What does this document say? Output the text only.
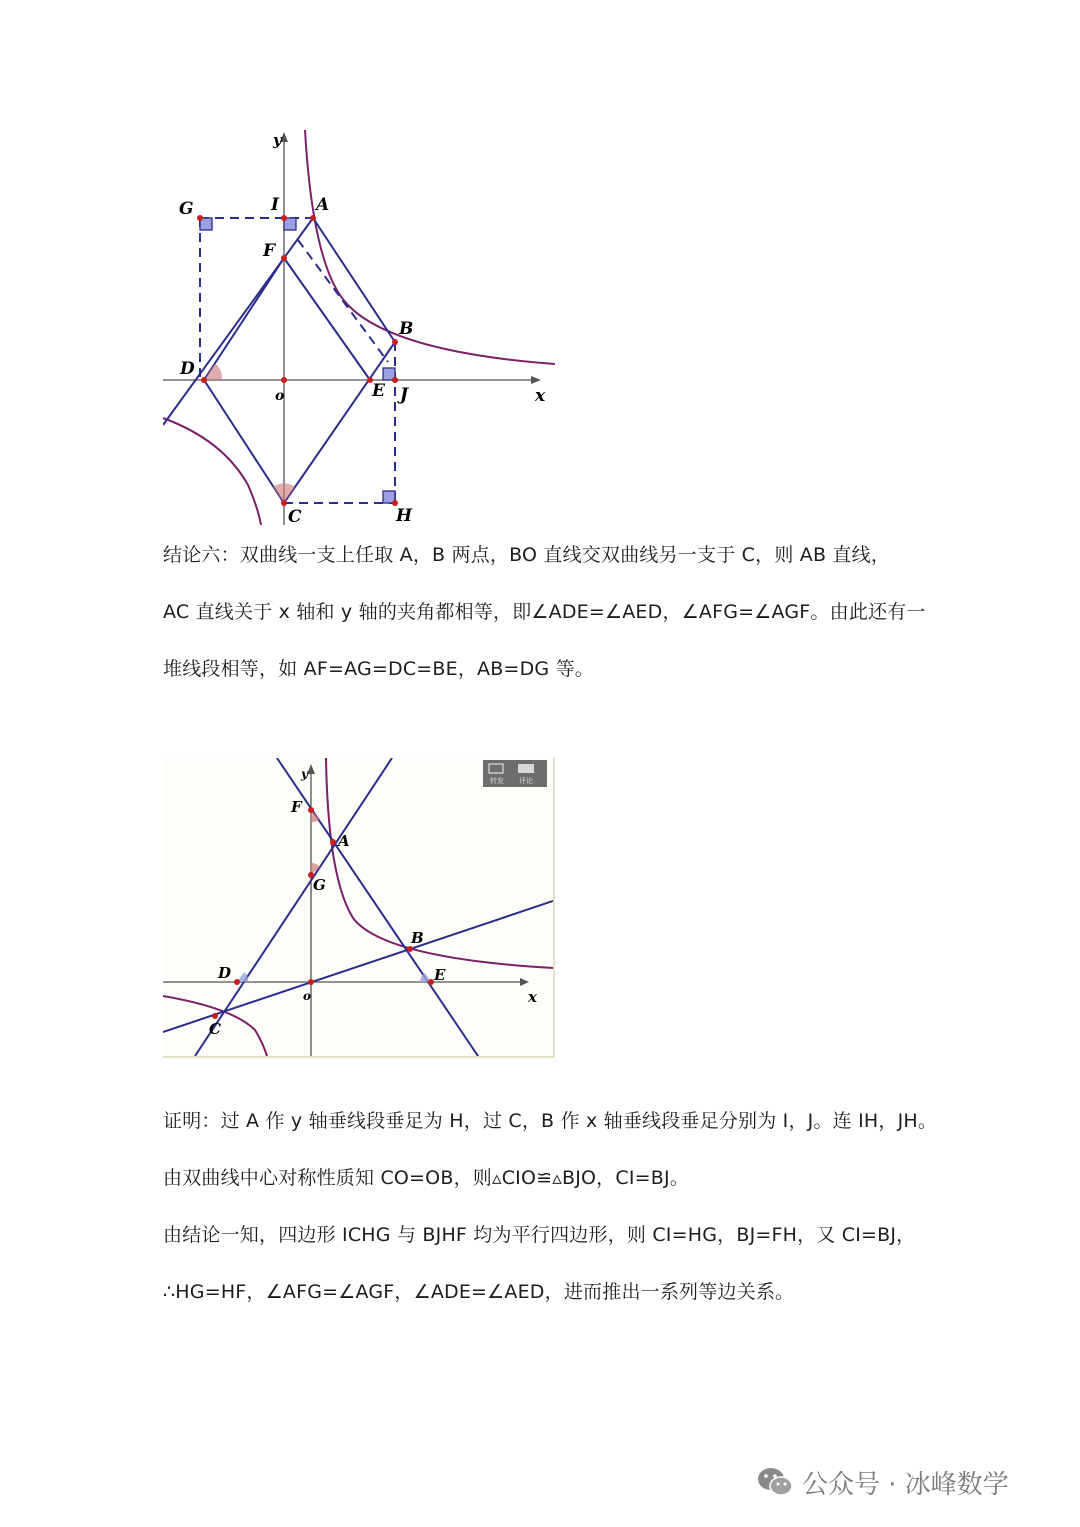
G	I A
F
B
D
o	E J
C	H
x
y
结论六：双曲线一支上任取 A，B 两点，BO 直线交双曲线另一支于 C，则 AB 直线，
AC 直线关于 x 轴和 y 轴的夹角都相等，即∠ADE=∠AED，∠AFG=∠AGF。由此还有一
堆线段相等，如 AF=AG=DC=BE，AB=DG 等。
F
A
G
B
D
o
E
C
x
y	转发 评论
证明：过 A 作 y 轴垂线段垂足为 H，过 C，B 作 x 轴垂线段垂足分别为 I，J。连 IH，JH。
由双曲线中心对称性质知 CO=OB，则▵CIO≌▵BJO，CI=BJ。
由结论一知，四边形 ICHG 与 BJHF 均为平行四边形，则 CI=HG，BJ=FH，又 CI=BJ，
∴HG=HF，∠AFG=∠AGF，∠ADE=∠AED，进而推出一系列等边关系。
公众号 · 冰峰数学
